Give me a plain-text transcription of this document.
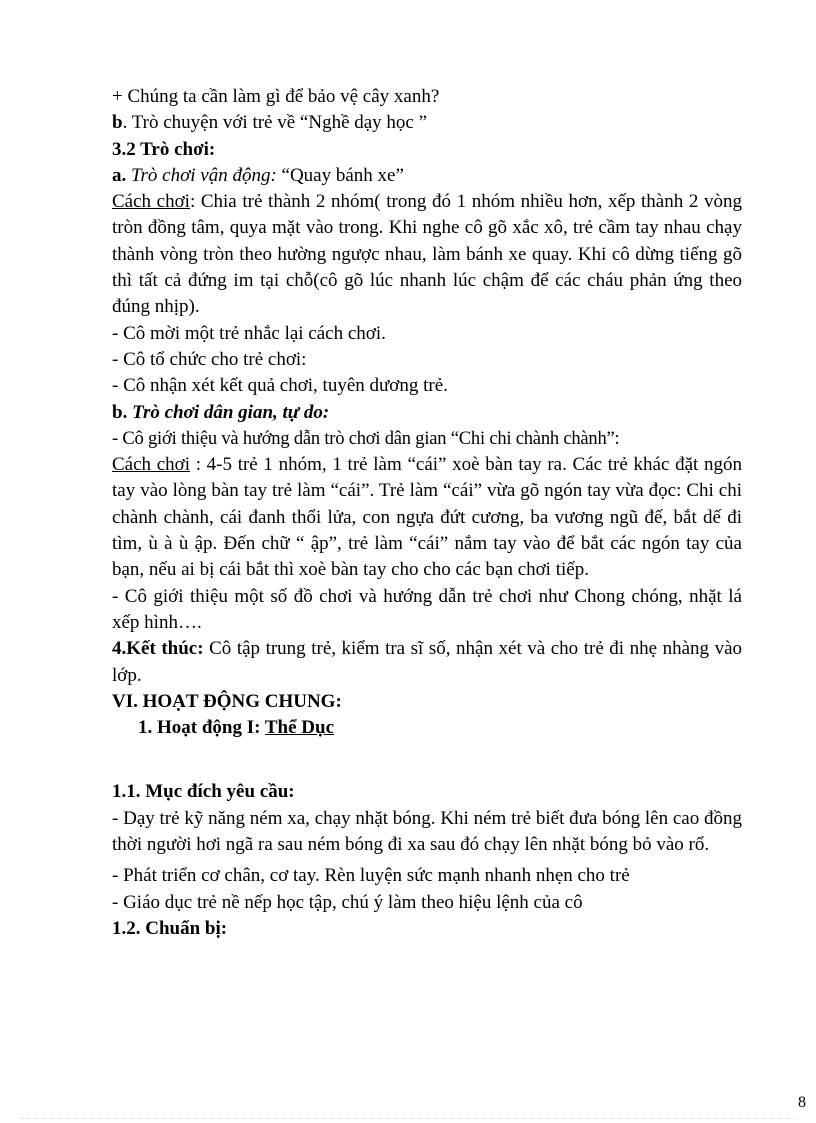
+ Chúng ta cần làm gì để bảo vệ cây xanh?

b. Trò chuyện với trẻ về “Nghề dạy học ”

3.2 Trò chơi:

a. Trò chơi vận động: “Quay bánh xe”

Cách chơi: Chia trẻ thành 2 nhóm( trong đó 1 nhóm nhiều hơn, xếp thành 2 vòng tròn đồng tâm, quya mặt vào trong. Khi nghe cô gõ xắc xô, trẻ cầm tay nhau chạy thành vòng tròn theo hường ngược nhau, làm bánh xe quay. Khi cô dừng tiếng gõ thì tất cả đứng im tại chỗ(cô gõ lúc nhanh lúc chậm để các cháu phản ứng theo đúng nhịp).

- Cô mời một trẻ nhắc lại cách chơi.

- Cô tổ chức cho trẻ chơi:

- Cô nhận xét kết quả chơi, tuyên dương trẻ.

b. Trò chơi dân gian, tự do:

- Cô giới thiệu và hướng dẫn trò chơi dân gian “Chi chi chành chành”:

Cách chơi : 4-5 trẻ 1 nhóm, 1 trẻ làm “cái” xoè bàn tay ra. Các trẻ khác đặt ngón tay vào lòng bàn tay trẻ làm “cái”. Trẻ làm “cái” vừa gõ ngón tay vừa đọc: Chi chi chành chành, cái đanh thổi lửa, con ngựa đứt cương, ba vương ngũ đế, bắt dế đi tìm, ù à ù ập. Đến chữ “ ập”, trẻ làm “cái” nắm tay vào để bắt các ngón tay của bạn, nếu ai bị cái bắt thì xoè bàn tay cho cho các bạn chơi tiếp.

- Cô giới thiệu một số đồ chơi và hướng dẫn trẻ chơi như Chong chóng, nhặt lá xếp hình….

4.Kết thúc: Cô tập trung trẻ, kiểm tra sĩ số, nhận xét và cho trẻ đi nhẹ nhàng vào lớp.

VI. HOẠT ĐỘNG CHUNG:

1. Hoạt động I: Thể Dục

1.1. Mục đích yêu cầu:

- Dạy trẻ kỹ năng ném xa, chạy nhặt bóng. Khi ném trẻ biết đưa bóng lên cao đồng thời người hơi ngã ra sau ném bóng đi xa sau đó chạy lên nhặt bóng bỏ vào rổ.

- Phát triển cơ chân, cơ tay. Rèn luyện sức mạnh nhanh nhẹn cho trẻ

- Giáo dục trẻ nề nếp học tập, chú ý làm theo hiệu lệnh của cô

1.2. Chuẩn bị:

8
